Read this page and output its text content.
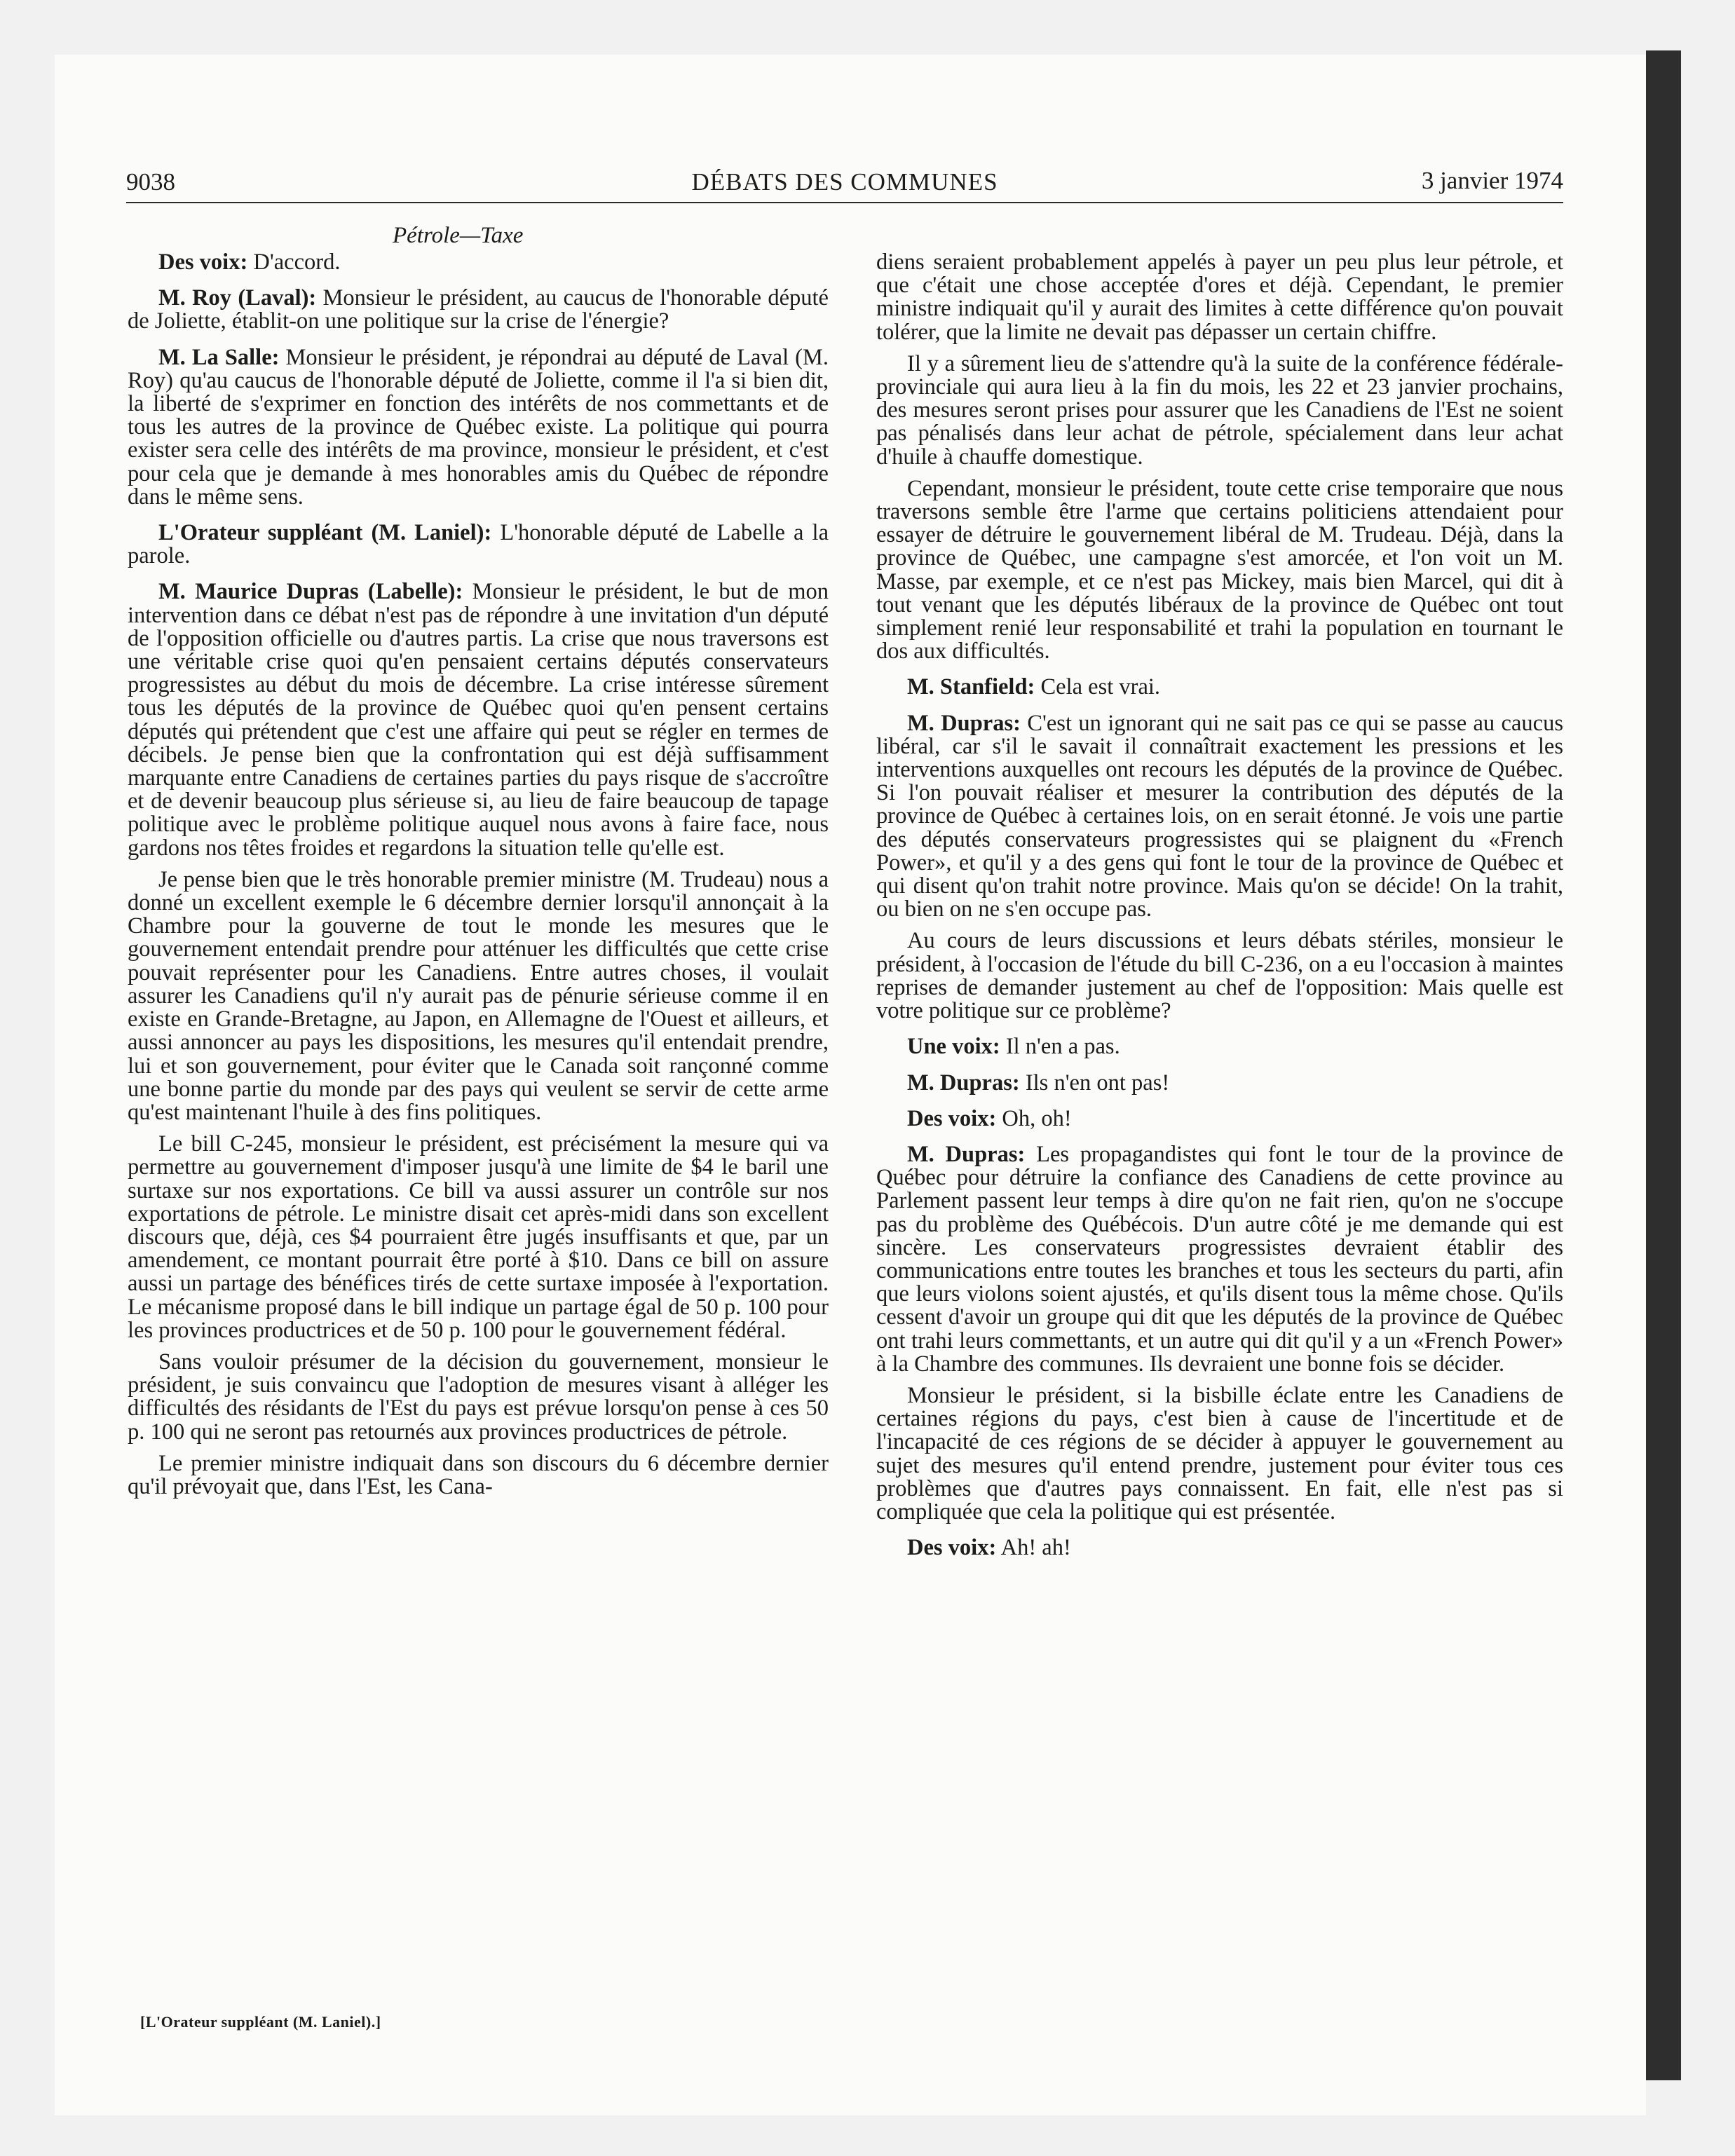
9038	DÉBATS DES COMMUNES	3 janvier 1974
Pétrole—Taxe

Des voix: D'accord.

M. Roy (Laval): Monsieur le président, au caucus de l'honorable député de Joliette, établit-on une politique sur la crise de l'énergie?

M. La Salle: Monsieur le président, je répondrai au député de Laval (M. Roy) qu'au caucus de l'honorable député de Joliette, comme il l'a si bien dit, la liberté de s'exprimer en fonction des intérêts de nos commettants et de tous les autres de la province de Québec existe. La politique qui pourra exister sera celle des intérêts de ma province, monsieur le président, et c'est pour cela que je demande à mes honorables amis du Québec de répondre dans le même sens.

L'Orateur suppléant (M. Laniel): L'honorable député de Labelle a la parole.

M. Maurice Dupras (Labelle): Monsieur le président, le but de mon intervention dans ce débat n'est pas de répondre à une invitation d'un député de l'opposition officielle ou d'autres partis. La crise que nous traversons est une véritable crise quoi qu'en pensaient certains députés conservateurs progressistes au début du mois de décembre. La crise intéresse sûrement tous les députés de la province de Québec quoi qu'en pensent certains députés qui prétendent que c'est une affaire qui peut se régler en termes de décibels. Je pense bien que la confrontation qui est déjà suffisamment marquante entre Canadiens de certaines parties du pays risque de s'accroître et de devenir beaucoup plus sérieuse si, au lieu de faire beaucoup de tapage politique avec le problème politique auquel nous avons à faire face, nous gardons nos têtes froides et regardons la situation telle qu'elle est.

Je pense bien que le très honorable premier ministre (M. Trudeau) nous a donné un excellent exemple le 6 décembre dernier lorsqu'il annonçait à la Chambre pour la gouverne de tout le monde les mesures que le gouvernement entendait prendre pour atténuer les difficultés que cette crise pouvait représenter pour les Canadiens. Entre autres choses, il voulait assurer les Canadiens qu'il n'y aurait pas de pénurie sérieuse comme il en existe en Grande-Bretagne, au Japon, en Allemagne de l'Ouest et ailleurs, et aussi annoncer au pays les dispositions, les mesures qu'il entendait prendre, lui et son gouvernement, pour éviter que le Canada soit rançonné comme une bonne partie du monde par des pays qui veulent se servir de cette arme qu'est maintenant l'huile à des fins politiques.

Le bill C-245, monsieur le président, est précisément la mesure qui va permettre au gouvernement d'imposer jusqu'à une limite de $4 le baril une surtaxe sur nos exportations. Ce bill va aussi assurer un contrôle sur nos exportations de pétrole. Le ministre disait cet après-midi dans son excellent discours que, déjà, ces $4 pourraient être jugés insuffisants et que, par un amendement, ce montant pourrait être porté à $10. Dans ce bill on assure aussi un partage des bénéfices tirés de cette surtaxe imposée à l'exportation. Le mécanisme proposé dans le bill indique un partage égal de 50 p. 100 pour les provinces productrices et de 50 p. 100 pour le gouvernement fédéral.

Sans vouloir présumer de la décision du gouvernement, monsieur le président, je suis convaincu que l'adoption de mesures visant à alléger les difficultés des résidants de l'Est du pays est prévue lorsqu'on pense à ces 50 p. 100 qui ne seront pas retournés aux provinces productrices de pétrole.

Le premier ministre indiquait dans son discours du 6 décembre dernier qu'il prévoyait que, dans l'Est, les Cana-

[L'Orateur suppléant (M. Laniel).]

diens seraient probablement appelés à payer un peu plus leur pétrole, et que c'était une chose acceptée d'ores et déjà. Cependant, le premier ministre indiquait qu'il y aurait des limites à cette différence qu'on pouvait tolérer, que la limite ne devait pas dépasser un certain chiffre.

Il y a sûrement lieu de s'attendre qu'à la suite de la conférence fédérale-provinciale qui aura lieu à la fin du mois, les 22 et 23 janvier prochains, des mesures seront prises pour assurer que les Canadiens de l'Est ne soient pas pénalisés dans leur achat de pétrole, spécialement dans leur achat d'huile à chauffe domestique.

Cependant, monsieur le président, toute cette crise temporaire que nous traversons semble être l'arme que certains politiciens attendaient pour essayer de détruire le gouvernement libéral de M. Trudeau. Déjà, dans la province de Québec, une campagne s'est amorcée, et l'on voit un M. Masse, par exemple, et ce n'est pas Mickey, mais bien Marcel, qui dit à tout venant que les députés libéraux de la province de Québec ont tout simplement renié leur responsabilité et trahi la population en tournant le dos aux difficultés.

M. Stanfield: Cela est vrai.

M. Dupras: C'est un ignorant qui ne sait pas ce qui se passe au caucus libéral, car s'il le savait il connaîtrait exactement les pressions et les interventions auxquelles ont recours les députés de la province de Québec. Si l'on pouvait réaliser et mesurer la contribution des députés de la province de Québec à certaines lois, on en serait étonné. Je vois une partie des députés conservateurs progressistes qui se plaignent du «French Power», et qu'il y a des gens qui font le tour de la province de Québec et qui disent qu'on trahit notre province. Mais qu'on se décide! On la trahit, ou bien on ne s'en occupe pas.

Au cours de leurs discussions et leurs débats stériles, monsieur le président, à l'occasion de l'étude du bill C-236, on a eu l'occasion à maintes reprises de demander justement au chef de l'opposition: Mais quelle est votre politique sur ce problème?

Une voix: Il n'en a pas.

M. Dupras: Ils n'en ont pas!

Des voix: Oh, oh!

M. Dupras: Les propagandistes qui font le tour de la province de Québec pour détruire la confiance des Canadiens de cette province au Parlement passent leur temps à dire qu'on ne fait rien, qu'on ne s'occupe pas du problème des Québécois. D'un autre côté je me demande qui est sincère. Les conservateurs progressistes devraient établir des communications entre toutes les branches et tous les secteurs du parti, afin que leurs violons soient ajustés, et qu'ils disent tous la même chose. Qu'ils cessent d'avoir un groupe qui dit que les députés de la province de Québec ont trahi leurs commettants, et un autre qui dit qu'il y a un «French Power» à la Chambre des communes. Ils devraient une bonne fois se décider.

Monsieur le président, si la bisbille éclate entre les Canadiens de certaines régions du pays, c'est bien à cause de l'incertitude et de l'incapacité de ces régions de se décider à appuyer le gouvernement au sujet des mesures qu'il entend prendre, justement pour éviter tous ces problèmes que d'autres pays connaissent. En fait, elle n'est pas si compliquée que cela la politique qui est présentée.

Des voix: Ah! ah!
